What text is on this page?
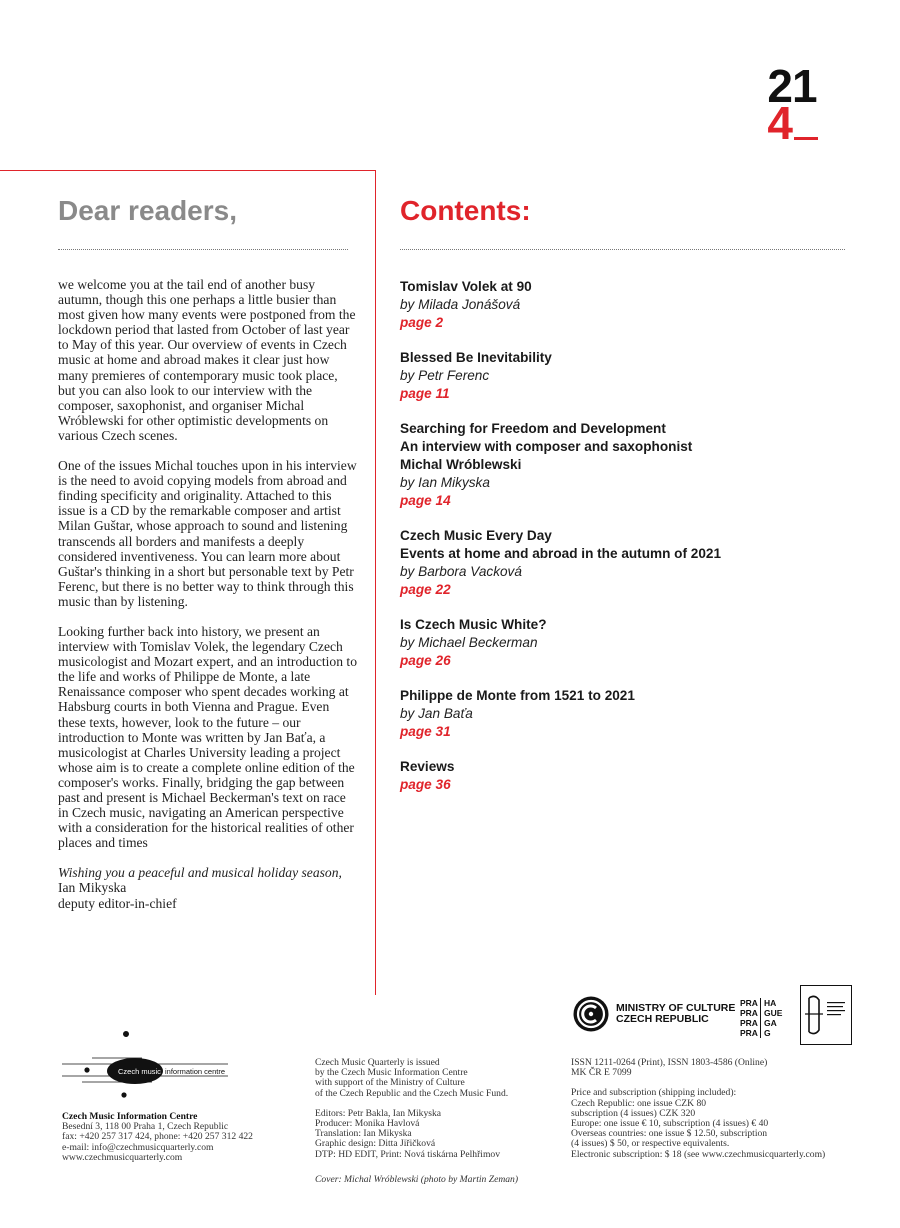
21
4
Dear readers,

we welcome you at the tail end of another busy autumn, though this one perhaps a little busier than most given how many events were postponed from the lockdown period that lasted from October of last year to May of this year. Our overview of events in Czech music at home and abroad makes it clear just how many premieres of contemporary music took place, but you can also look to our interview with the composer, saxophonist, and organiser Michal Wróblewski for other optimistic developments on various Czech scenes.

One of the issues Michal touches upon in his interview is the need to avoid copying models from abroad and finding specificity and originality. Attached to this issue is a CD by the remarkable composer and artist Milan Guštar, whose approach to sound and listening transcends all borders and manifests a deeply considered inventiveness. You can learn more about Guštar's thinking in a short but personable text by Petr Ferenc, but there is no better way to think through this music than by listening.

Looking further back into history, we present an interview with Tomislav Volek, the legendary Czech musicologist and Mozart expert, and an introduction to the life and works of Philippe de Monte, a late Renaissance composer who spent decades working at Habsburg courts in both Vienna and Prague. Even these texts, however, look to the future – our introduction to Monte was written by Jan Baťa, a musicologist at Charles University leading a project whose aim is to create a complete online edition of the composer's works. Finally, bridging the gap between past and present is Michael Beckerman's text on race in Czech music, navigating an American perspective with a consideration for the historical realities of other places and times

Wishing you a peaceful and musical holiday season,

Ian Mikyska

deputy editor-in-chief

Contents:

Tomislav Volek at 90

by Milada Jonášová

page 2

Blessed Be Inevitability

by Petr Ferenc

page 11

Searching for Freedom and Development

An interview with composer and saxophonist

Michal Wróblewski

by Ian Mikyska

page 14

Czech Music Every Day

Events at home and abroad in the autumn of 2021

by Barbora Vacková

page 22

Is Czech Music White?

by Michael Beckerman

page 26

Philippe de Monte from 1521 to 2021

by Jan Baťa

page 31

Reviews

page 36

MINISTRY OF CULTURE
CZECH REPUBLIC
PRA HA
PRA GUE
PRA GA
PRA G
Czech music information centre

Czech Music Information Centre

Besední 3, 118 00 Praha 1, Czech Republic

fax: +420 257 317 424, phone: +420 257 312 422

e-mail: info@czechmusicquarterly.com

www.czechmusicquarterly.com

Czech Music Quarterly is issued

by the Czech Music Information Centre

with support of the Ministry of Culture

of the Czech Republic and the Czech Music Fund.

Editors: Petr Bakla, Ian Mikyska

Producer: Monika Havlová

Translation: Ian Mikyska

Graphic design: Ditta Jiřičková

DTP: HD EDIT, Print: Nová tiskárna Pelhřimov

Cover: Michal Wróblewski (photo by Martin Zeman)

ISSN 1211-0264 (Print), ISSN 1803-4586 (Online)

MK ČR E 7099

Price and subscription (shipping included):

Czech Republic: one issue CZK 80

subscription (4 issues) CZK 320

Europe: one issue € 10, subscription (4 issues) € 40

Overseas countries: one issue $ 12.50, subscription

(4 issues) $ 50, or respective equivalents.

Electronic subscription: $ 18 (see www.czechmusicquarterly.com)
